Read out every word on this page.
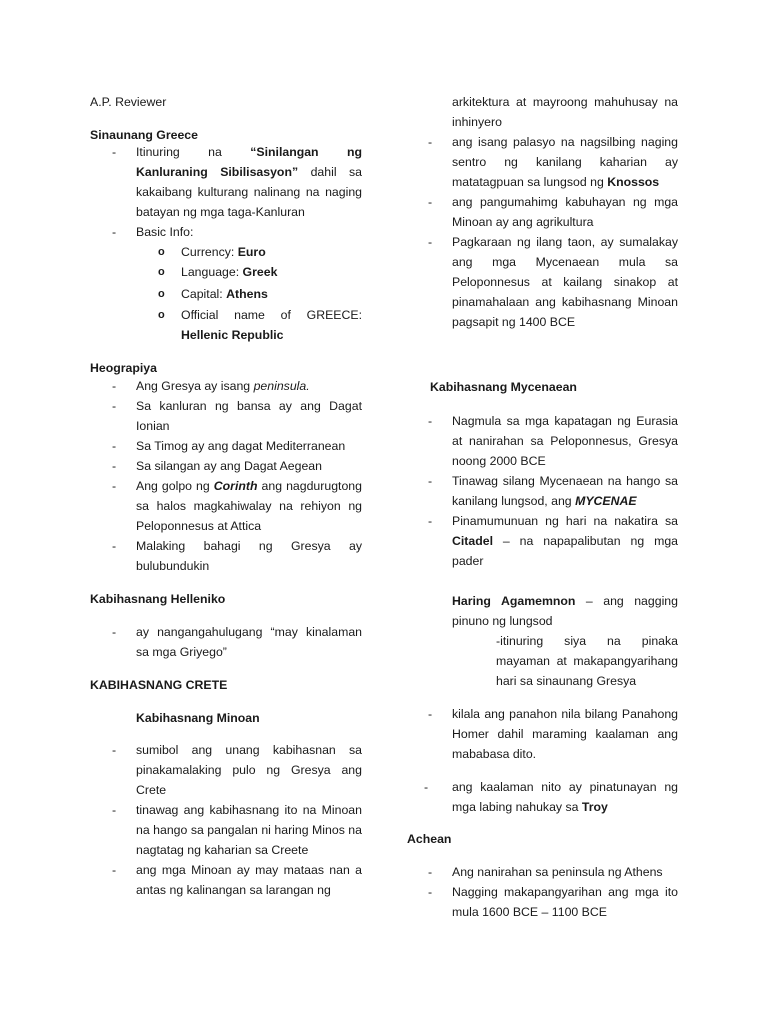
A.P. Reviewer
Sinaunang Greece
- Itinuring na “Sinilangan ng Kanluraning Sibilisasyon” dahil sa kakaibang kulturang nalinang na naging batayan ng mga taga-Kanluran
- Basic Info:
o Currency: Euro
o Language: Greek
o Capital: Athens
o Official name of GREECE: Hellenic Republic
Heograpiya
- Ang Gresya ay isang peninsula.
- Sa kanluran ng bansa ay ang Dagat Ionian
- Sa Timog ay ang dagat Mediterranean
- Sa silangan ay ang Dagat Aegean
- Ang golpo ng Corinth ang nagdurugtong sa halos magkahiwalay na rehiyon ng Peloponnesus at Attica
- Malaking bahagi ng Gresya ay bulubundukin
Kabihasnang Helleniko
- ay nangangahulugang “may kinalaman sa mga Griyego”
KABIHASNANG CRETE
Kabihasnang Minoan
- sumibol ang unang kabihasnan sa pinakamalaking pulo ng Gresya ang Crete
- tinawag ang kabihasnang ito na Minoan na hango sa pangalan ni haring Minos na nagtatag ng kaharian sa Creete
- ang mga Minoan ay may mataas nan a antas ng kalinangan sa larangan ng
arkitektura at mayroong mahuhusay na inhinyero
- ang isang palasyo na nagsilbing naging sentro ng kanilang kaharian ay matatagpuan sa lungsod ng Knossos
- ang pangumahimg kabuhayan ng mga Minoan ay ang agrikultura
- Pagkaraan ng ilang taon, ay sumalakay ang mga Mycenaean mula sa Peloponnesus at kailang sinakop at pinamahalaan ang kabihasnang Minoan pagsapit ng 1400 BCE
Kabihasnang Mycenaean
- Nagmula sa mga kapatagan ng Eurasia at nanirahan sa Peloponnesus, Gresya noong 2000 BCE
- Tinawag silang Mycenaean na hango sa kanilang lungsod, ang MYCENAE
- Pinamumunuan ng hari na nakatira sa Citadel – na napapalibutan ng mga pader
Haring Agamemnon – ang nagging pinuno ng lungsod
-itinuring siya na pinaka mayaman at makapangyarihang hari sa sinaunang Gresya
- kilala ang panahon nila bilang Panahong Homer dahil maraming kaalaman ang mababasa dito.
- ang kaalaman nito ay pinatunayan ng mga labing nahukay sa Troy
Achean
- Ang nanirahan sa peninsula ng Athens
- Nagging makapangyarihan ang mga ito mula 1600 BCE – 1100 BCE
